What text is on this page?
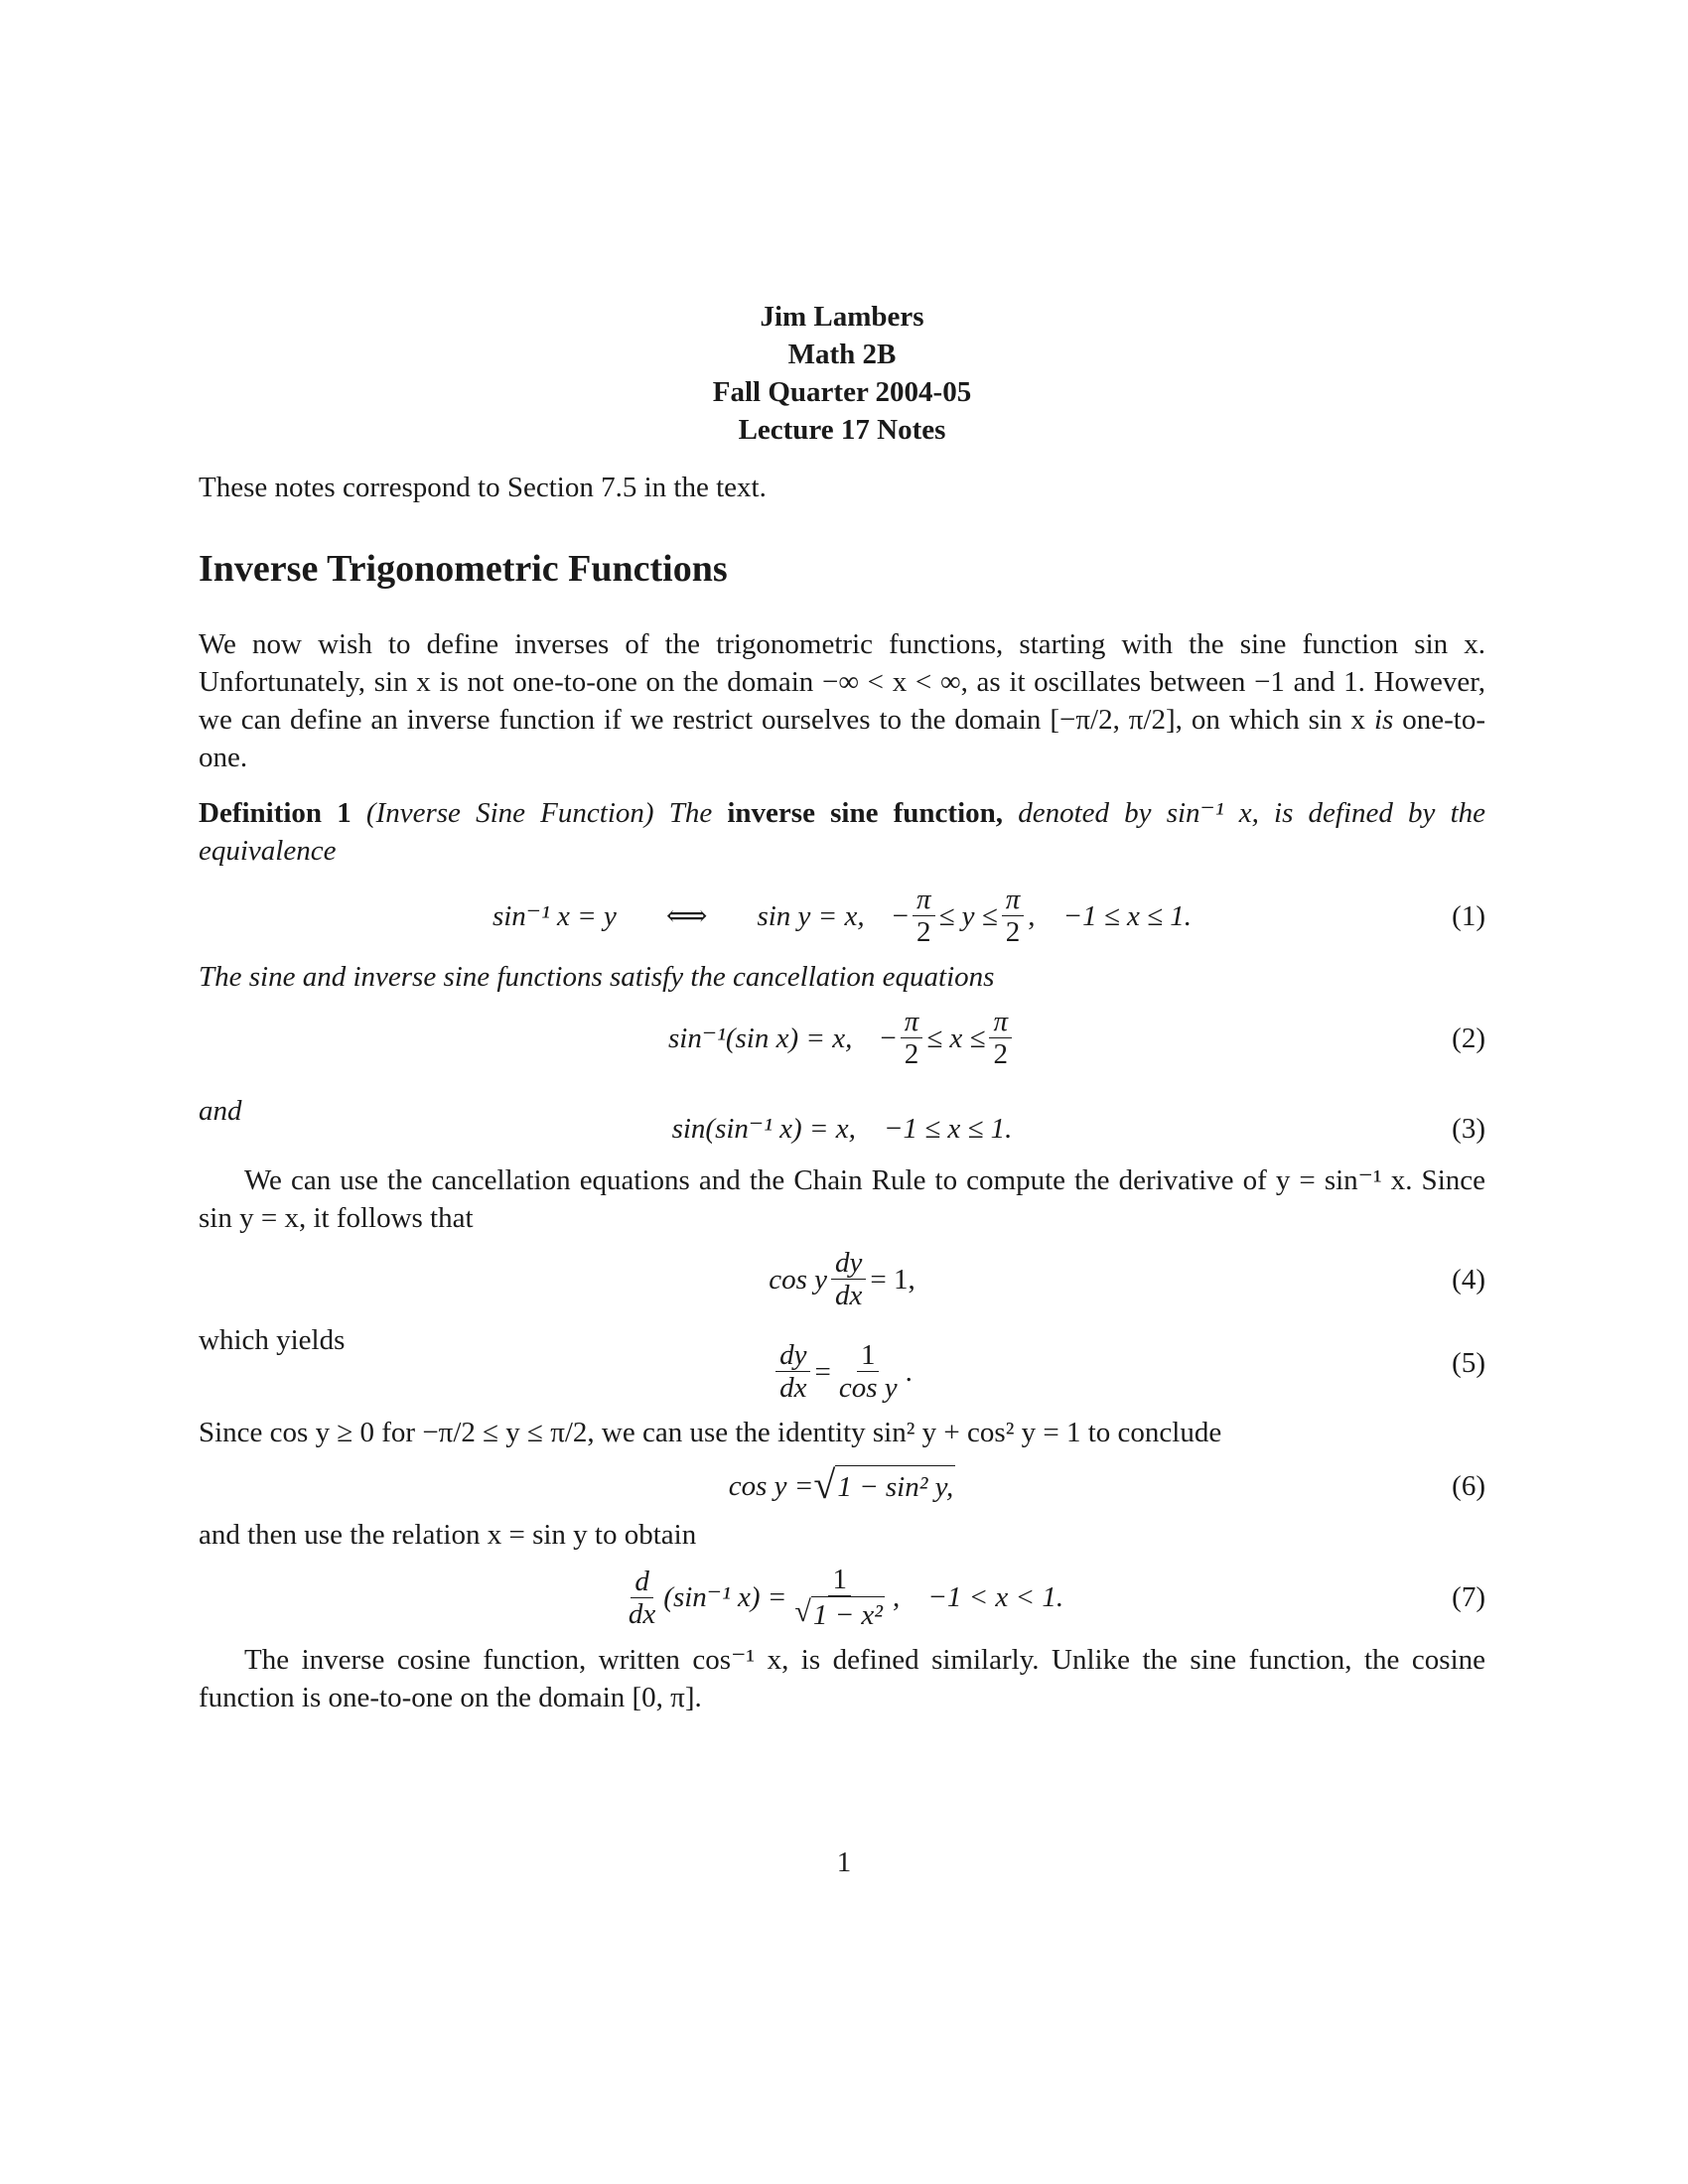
Jim Lambers
Math 2B
Fall Quarter 2004-05
Lecture 17 Notes

These notes correspond to Section 7.5 in the text.

Inverse Trigonometric Functions

We now wish to define inverses of the trigonometric functions, starting with the sine function sin x. Unfortunately, sin x is not one-to-one on the domain −∞ < x < ∞, as it oscillates between −1 and 1. However, we can define an inverse function if we restrict ourselves to the domain [−π/2, π/2], on which sin x is one-to-one.

Definition 1 (Inverse Sine Function) The inverse sine function, denoted by sin⁻¹ x, is defined by the equivalence

sin⁻¹ x = y ⟺ sin y = x, − $\frac{\pi}{2} \le y \le \frac{\pi}{2}$ , −1 ≤ x ≤ 1.	(1)

The sine and inverse sine functions satisfy the cancellation equations

sin⁻¹(sin x) = x, − $\frac{\pi}{2} \le x \le \frac{\pi}{2}$	(2)
and
sin(sin⁻¹ x) = x, −1 ≤ x ≤ 1.	(3)

We can use the cancellation equations and the Chain Rule to compute the derivative of y = sin⁻¹ x. Since sin y = x, it follows that

cos y $\frac{dy}{dx} = 1$,	(4)
which yields	$\frac{dy}{dx} = \frac{1}{\text{cos y}}$ .	(5)

Since cos y ≥ 0 for −π/2 ≤ y ≤ π/2, we can use the identity sin² y + cos² y = 1 to conclude

cos y = √ 1 − sin² y,	(6)

and then use the relation x = sin y to obtain

$\frac{d}{dx} (\sin^{-1}$ $x) = \frac{1}{\text{√ 1 − x²}}$ , −1 < x < 1.	(7)

The inverse cosine function, written cos⁻¹ x, is defined similarly. Unlike the sine function, the cosine function is one-to-one on the domain [0, π].

1
